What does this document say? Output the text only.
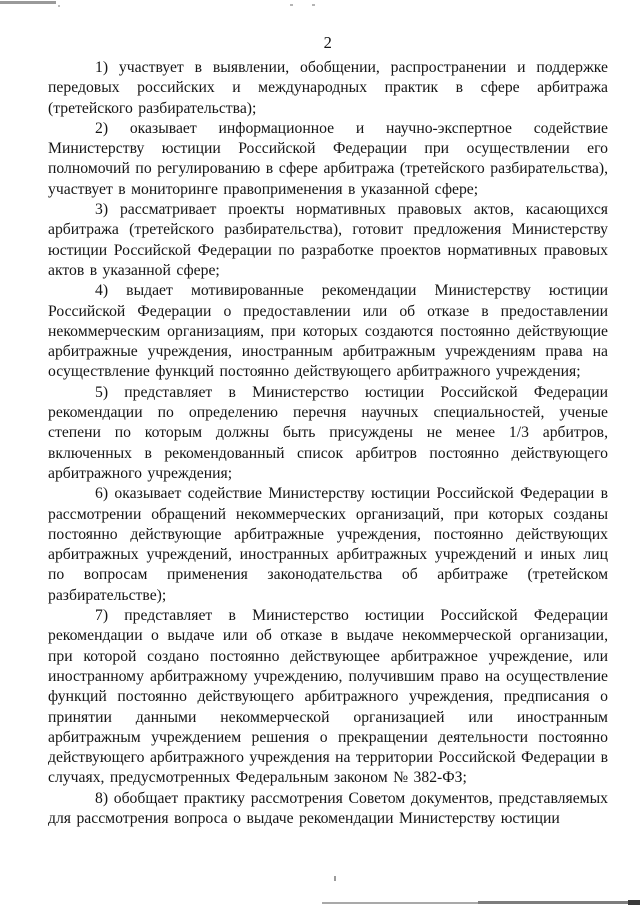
2

1) участвует в выявлении, обобщении, распространении и поддержке передовых российских и международных практик в сфере арбитража (третейского разбирательства);

2) оказывает информационное и научно-экспертное содействие Министерству юстиции Российской Федерации при осуществлении его полномочий по регулированию в сфере арбитража (третейского разбирательства), участвует в мониторинге правоприменения в указанной сфере;

3) рассматривает проекты нормативных правовых актов, касающихся арбитража (третейского разбирательства), готовит предложения Министерству юстиции Российской Федерации по разработке проектов нормативных правовых актов в указанной сфере;

4) выдает мотивированные рекомендации Министерству юстиции Российской Федерации о предоставлении или об отказе в предоставлении некоммерческим организациям, при которых создаются постоянно действующие арбитражные учреждения, иностранным арбитражным учреждениям права на осуществление функций постоянно действующего арбитражного учреждения;

5) представляет в Министерство юстиции Российской Федерации рекомендации по определению перечня научных специальностей, ученые степени по которым должны быть присуждены не менее 1/3 арбитров, включенных в рекомендованный список арбитров постоянно действующего арбитражного учреждения;

6) оказывает содействие Министерству юстиции Российской Федерации в рассмотрении обращений некоммерческих организаций, при которых созданы постоянно действующие арбитражные учреждения, постоянно действующих арбитражных учреждений, иностранных арбитражных учреждений и иных лиц по вопросам применения законодательства об арбитраже (третейском разбирательстве);

7) представляет в Министерство юстиции Российской Федерации рекомендации о выдаче или об отказе в выдаче некоммерческой организации, при которой создано постоянно действующее арбитражное учреждение, или иностранному арбитражному учреждению, получившим право на осуществление функций постоянно действующего арбитражного учреждения, предписания о принятии данными некоммерческой организацией или иностранным арбитражным учреждением решения о прекращении деятельности постоянно действующего арбитражного учреждения на территории Российской Федерации в случаях, предусмотренных Федеральным законом № 382-ФЗ;

8) обобщает практику рассмотрения Советом документов, представляемых для рассмотрения вопроса о выдаче рекомендации Министерству юстиции
